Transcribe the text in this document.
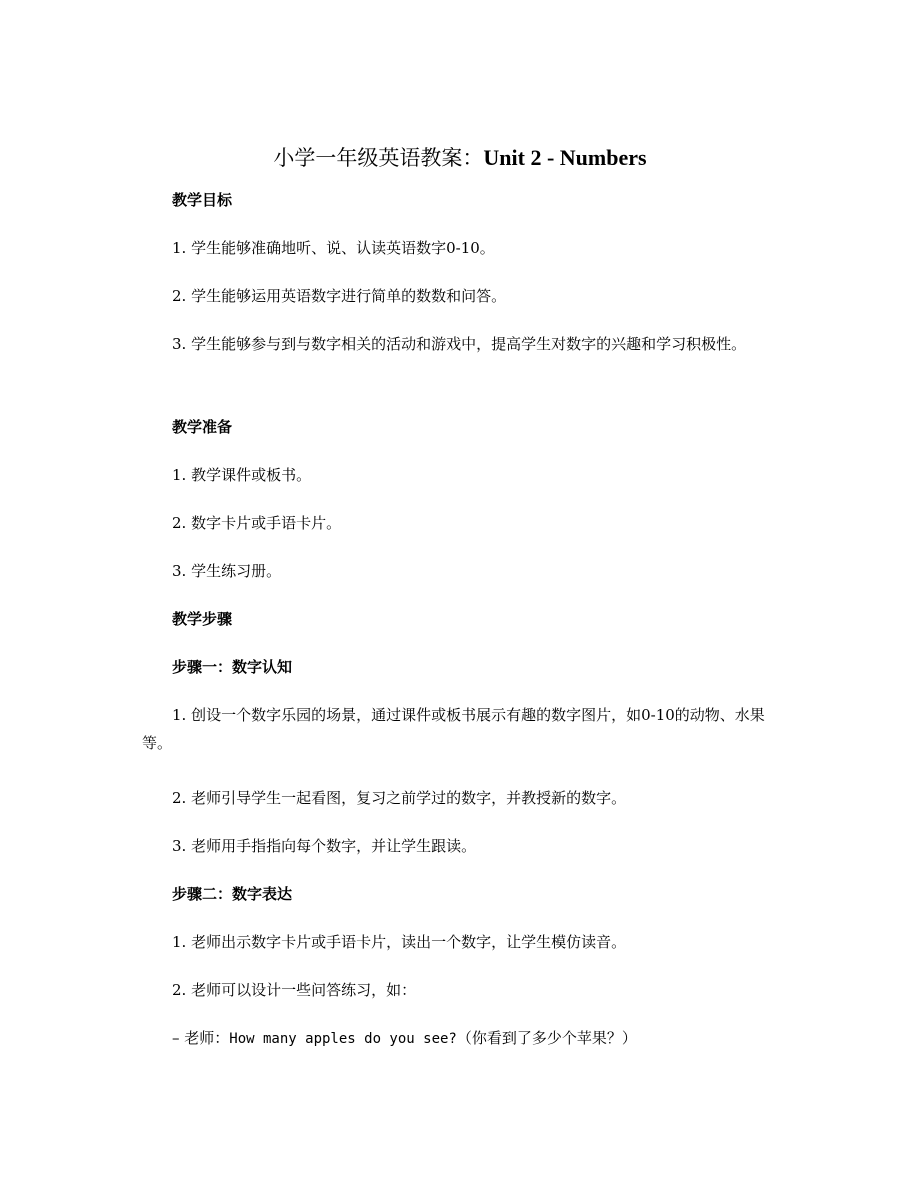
小学一年级英语教案：Unit 2 - Numbers
教学目标
1. 学生能够准确地听、说、认读英语数字0-10。
2. 学生能够运用英语数字进行简单的数数和问答。
3. 学生能够参与到与数字相关的活动和游戏中，提高学生对数字的兴趣和学习积极性。
教学准备
1. 教学课件或板书。
2. 数字卡片或手语卡片。
3. 学生练习册。
教学步骤
步骤一：数字认知
1. 创设一个数字乐园的场景，通过课件或板书展示有趣的数字图片，如0-10的动物、水果等。
2. 老师引导学生一起看图，复习之前学过的数字，并教授新的数字。
3. 老师用手指指向每个数字，并让学生跟读。
步骤二：数字表达
1. 老师出示数字卡片或手语卡片，读出一个数字，让学生模仿读音。
2. 老师可以设计一些问答练习，如：
– 老师：How many apples do you see?（你看到了多少个苹果？）
